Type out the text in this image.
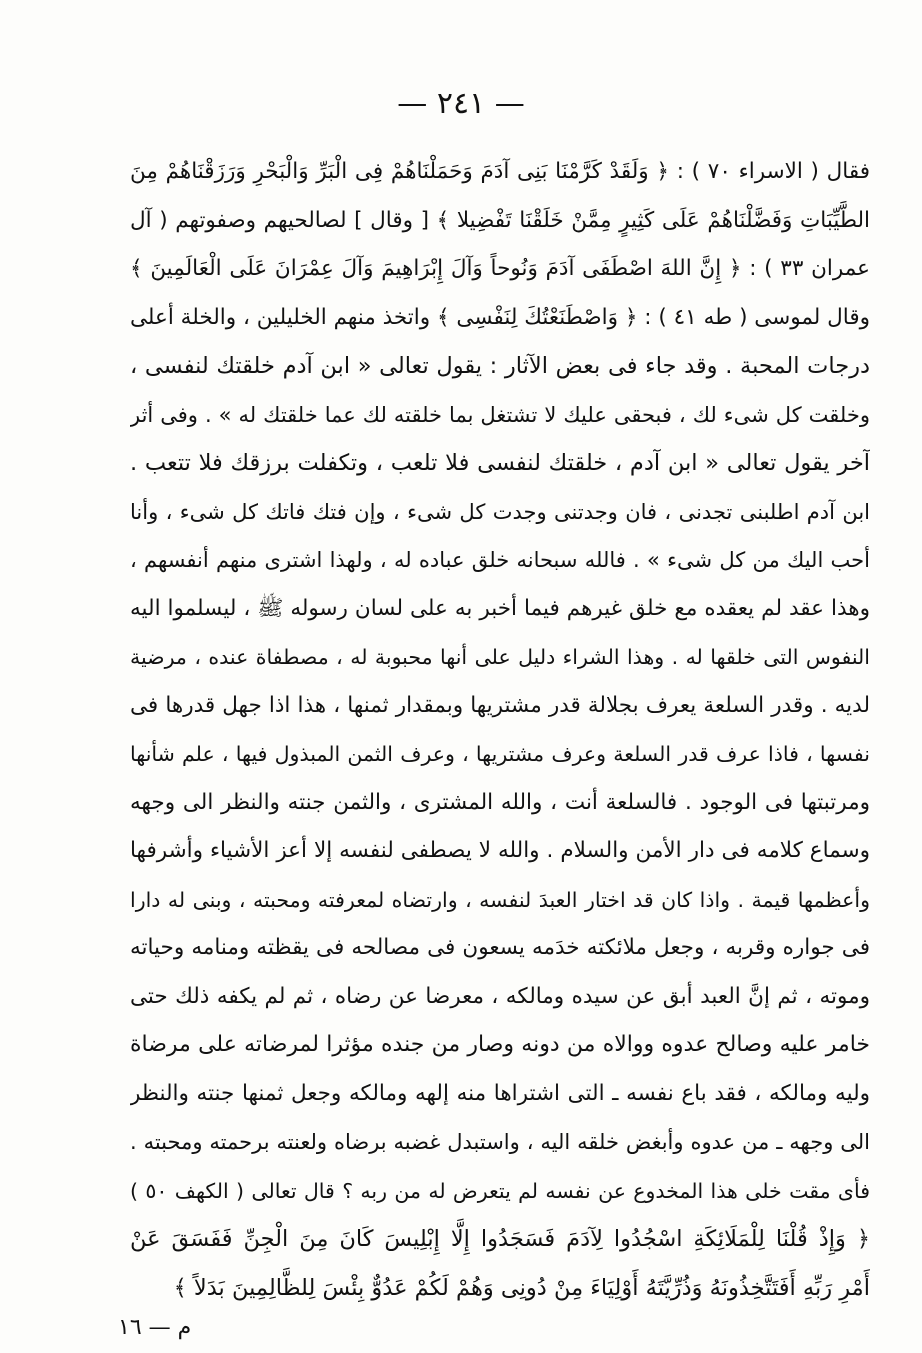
— ٢٤١ —
فقال ( الاسراء ٧٠ ) : ﴿ وَلَقَدْ كَرَّمْنَا بَنِى آدَمَ وَحَمَلْنَاهُمْ فِى الْبَرِّ وَالْبَحْرِ وَرَزَقْنَاهُمْ مِنَ
الطَّيِّبَاتِ وَفَضَّلْنَاهُمْ عَلَى كَثِيرٍ مِمَّنْ خَلَقْنَا تَفْضِيلا ﴾ [ وقال ] لصالحيهم وصفوتهم ( آل
عمران ٣٣ ) : ﴿ إِنَّ اللهَ اصْطَفَى آدَمَ وَنُوحاً وَآلَ إِبْرَاهِيمَ وَآلَ عِمْرَانَ عَلَى الْعَالَمِينَ ﴾
وقال لموسى ( طه ٤١ ) : ﴿ وَاصْطَنَعْتُكَ لِنَفْسِى ﴾ واتخذ منهم الخليلين ، والخلة أعلى
درجات المحبة . وقد جاء فى بعض الآثار : يقول تعالى « ابن آدم خلقتك لنفسى ،
وخلقت كل شىء لك ، فبحقى عليك لا تشتغل بما خلقته لك عما خلقتك له » . وفى أثر
آخر يقول تعالى « ابن آدم ، خلقتك لنفسى فلا تلعب ، وتكفلت برزقك فلا تتعب .
ابن آدم اطلبنى تجدنى ، فان وجدتنى وجدت كل شىء ، وإن فتك فاتك كل شىء ، وأنا
أحب اليك من كل شىء » . فالله سبحانه خلق عباده له ، ولهذا اشترى منهم أنفسهم ،
وهذا عقد لم يعقده مع خلق غيرهم فيما أخبر به على لسان رسوله ﷺ ، ليسلموا اليه
النفوس التى خلقها له . وهذا الشراء دليل على أنها محبوبة له ، مصطفاة عنده ، مرضية
لديه . وقدر السلعة يعرف بجلالة قدر مشتريها وبمقدار ثمنها ، هذا اذا جهل قدرها فى
نفسها ، فاذا عرف قدر السلعة وعرف مشتريها ، وعرف الثمن المبذول فيها ، علم شأنها
ومرتبتها فى الوجود . فالسلعة أنت ، والله المشترى ، والثمن جنته والنظر الى وجهه
وسماع كلامه فى دار الأمن والسلام . والله لا يصطفى لنفسه إلا أعز الأشياء وأشرفها
وأعظمها قيمة . واذا كان قد اختار العبدَ لنفسه ، وارتضاه لمعرفته ومحبته ، وبنى له دارا
فى جواره وقربه ، وجعل ملائكته خدَمه يسعون فى مصالحه فى يقظته ومنامه وحياته
وموته ، ثم إنَّ العبد أبق عن سيده ومالكه ، معرضا عن رضاه ، ثم لم يكفه ذلك حتى
خامر عليه وصالح عدوه ووالاه من دونه وصار من جنده مؤثرا لمرضاته على مرضاة
وليه ومالكه ، فقد باع نفسه ـ التى اشتراها منه إلهه ومالكه وجعل ثمنها جنته والنظر
الى وجهه ـ من عدوه وأبغض خلقه اليه ، واستبدل غضبه برضاه ولعنته برحمته ومحبته .
فأى مقت خلى هذا المخدوع عن نفسه لم يتعرض له من ربه ؟ قال تعالى ( الكهف ٥٠ )
﴿ وَإِذْ قُلْنَا لِلْمَلَائِكَةِ اسْجُدُوا لِآدَمَ فَسَجَدُوا إِلَّا إِبْلِيسَ كَانَ مِنَ الْجِنِّ فَفَسَقَ عَنْ
أَمْرِ رَبِّهِ أَفَتَتَّخِذُونَهُ وَذُرِّيَّتَهُ أَوْلِيَاءَ مِنْ دُونِى وَهُمْ لَكُمْ عَدُوٌّ بِئْسَ لِلظَّالِمِينَ بَدَلاً ﴾
م — ١٦
